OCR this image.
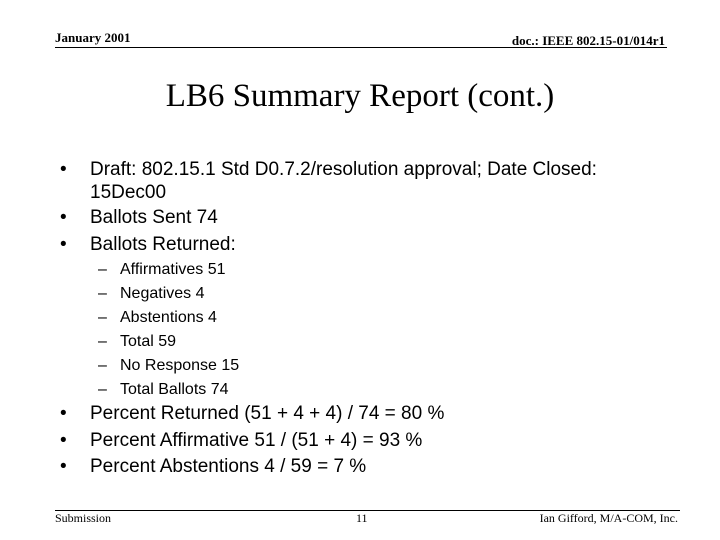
January 2001	doc.: IEEE 802.15-01/014r1
LB6 Summary Report (cont.)
• Draft: 802.15.1 Std D0.7.2/resolution approval; Date Closed: 15Dec00
• Ballots Sent 74
• Ballots Returned:
– Affirmatives 51
– Negatives 4
– Abstentions 4
– Total 59
– No Response 15
– Total Ballots 74
• Percent Returned (51 + 4 + 4) / 74 = 80 %
• Percent Affirmative 51 / (51 + 4) = 93 %
• Percent Abstentions 4 / 59 = 7 %
Submission	11	Ian Gifford, M/A-COM, Inc.
